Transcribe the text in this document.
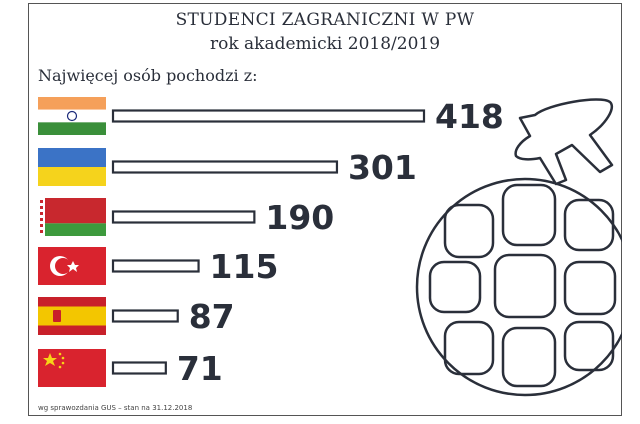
STUDENCI ZAGRANICZNI W PW
rok akademicki 2018/2019
Najwięcej osób pochodzi z:
wg sprawozdania GUS – stan na 31.12.2018
418
301
190
115
87
71
